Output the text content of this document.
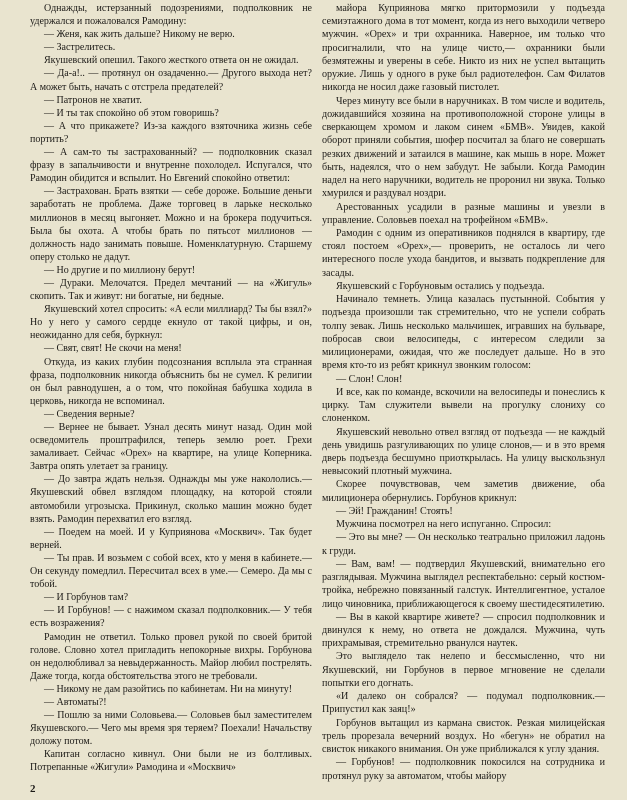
Однажды, истерзанный подозрениями, подполковник не удержался и пожаловался Рамодину:

— Женя, как жить дальше? Никому не верю.

— Застрелитесь.

Якушевский опешил. Такого жесткого ответа он не ожидал.

— Да-а!.. — протянул он озадаченно.— Другого выхода нет? А может быть, начать с отстрела предателей?

— Патронов не хватит.

— И ты так спокойно об этом говоришь?

— А что прикажете? Из-за каждого взяточника жизнь себе портить?

— А сам-то ты застрахованный? — подполковник сказал фразу в запальчивости и внутренне похолодел. Испугался, что Рамодин обидится и вспылит. Но Евгений спокойно ответил:

— Застрахован. Брать взятки — себе дороже. Большие деньги заработать не проблема. Даже торговец в ларьке несколько миллионов в месяц выгоняет. Можно и на брокера подучиться. Была бы охота. А чтобы брать по пятьсот миллионов — должность надо занимать повыше. Номенклатурную. Старшему оперу столько не дадут.

— Но другие и по миллиону берут!

— Дураки. Мелочатся. Предел мечтаний — на «Жигуль» скопить. Так и живут: ни богатые, ни бедные.

Якушевский хотел спросить: «А если миллиард? Ты бы взял?» Но у него у самого сердце екнуло от такой цифры, и он, неожиданно для себя, буркнул:

— Свят, свят! Не скочи на меня!

Откуда, из каких глубин подсознания всплыла эта странная фраза, подполковник никогда объяснить бы не сумел. К религии он был равнодушен, а о том, что покойная бабушка ходила в церковь, никогда не вспоминал.

— Сведения верные?

— Вернее не бывает. Узнал десять минут назад. Один мой осведомитель проштрафился, теперь землю роет. Грехи замаливает. Сейчас «Орех» на квартире, на улице Коперника. Завтра опять улетает за границу.

— До завтра ждать нельзя. Однажды мы уже накололись.— Якушевский обвел взглядом площадку, на которой стояли автомобили угрозыска. Прикинул, сколько машин можно будет взять. Рамодин перехватил его взгляд.

— Поедем на моей. И у Куприянова «Москвич». Так будет верней.

— Ты прав. И возьмем с собой всех, кто у меня в кабинете.— Он секунду помедлил. Пересчитал всех в уме.— Семеро. Да мы с тобой.

— И Горбунов там?

— И Горбунов! — с нажимом сказал подполковник.— У тебя есть возражения?

Рамодин не ответил. Только провел рукой по своей бритой голове. Словно хотел пригладить непокорные вихры. Горбунова он недолюбливал за невыдержанность. Майор любил пострелять. Даже тогда, когда обстоятельства этого не требовали.

— Никому не дам разойтись по кабинетам. Ни на минуту!

— Автоматы?!

— Пошлю за ними Соловьева.— Соловьев был заместителем Якушевского.— Чего мы время зря теряем? Поехали! Начальству доложу потом.

Капитан согласно кивнул. Они были не из болтливых. Потрепанные «Жигули» Рамодина и «Москвич»

майора Куприянова мягко притормозили у подъезда семиэтажного дома в тот момент, когда из него выходили четверо мужчин. «Орех» и три охранника. Наверное, им только что просигналили, что на улице чисто,— охранники были безмятежны и уверены в себе. Никто из них не успел вытащить оружие. Лишь у одного в руке был радиотелефон. Сам Филатов никогда не носил даже газовый пистолет.

Через минуту все были в наручниках. В том числе и водитель, дожидавшийся хозяина на противоположной стороне улицы в сверкающем хромом и лаком синем «БМВ». Увидев, какой оборот приняли события, шофер посчитал за благо не совершать резких движений и затаился в машине, как мышь в норе. Может быть, надеялся, что о нем забудут. Не забыли. Когда Рамодин надел на него наручники, водитель не проронил ни звука. Только хмурился и раздувал ноздри.

Арестованных усадили в разные машины и увезли в управление. Соловьев поехал на трофейном «БМВ».

Рамодин с одним из оперативников поднялся в квартиру, где стоял постоем «Орех»,— проверить, не осталось ли чего интересного после ухода бандитов, и вызвать подкрепление для засады.

Якушевский с Горбуновым остались у подъезда.

Начинало темнеть. Улица казалась пустынной. События у подъезда произошли так стремительно, что не успели собрать толпу зевак. Лишь несколько мальчишек, игравших на бульваре, побросав свои велосипеды, с интересом следили за милиционерами, ожидая, что же последует дальше. Но в это время кто-то из ребят крикнул звонким голосом:

— Слон! Слон!

И все, как по команде, вскочили на велосипеды и понеслись к цирку. Там служители вывели на прогулку слониху со слоненком.

Якушевский невольно отвел взгляд от подъезда — не каждый день увидишь разгуливающих по улице слонов,— и в это время дверь подъезда бесшумно приоткрылась. На улицу выскользнул невысокий плотный мужчина.

Скорее почувствовав, чем заметив движение, оба милиционера обернулись. Горбунов крикнул:

— Эй! Гражданин! Стоять!

Мужчина посмотрел на него испуганно. Спросил:

— Это вы мне? — Он несколько театрально приложил ладонь к груди.

— Вам, вам! — подтвердил Якушевский, внимательно его разглядывая. Мужчина выглядел респектабельно: серый костюм-тройка, небрежно повязанный галстук. Интеллигентное, усталое лицо чиновника, приближающегося к своему шестидесятилетию.

— Вы в какой квартире живете? — спросил подполковник и двинулся к нему, но ответа не дождался. Мужчина, чуть прихрамывая, стремительно рванулся наутек.

Это выглядело так нелепо и бессмысленно, что ни Якушевский, ни Горбунов в первое мгновение не сделали попытки его догнать.

«И далеко он собрался? — подумал подполковник.— Припустил как заяц!»

Горбунов вытащил из кармана свисток. Резкая милицейская трель прорезала вечерний воздух. Но «бегун» не обратил на свисток никакого внимания. Он уже приближался к углу здания.

— Горбунов! — подполковник покосился на сотрудника и протянул руку за автоматом, чтобы майору

2
